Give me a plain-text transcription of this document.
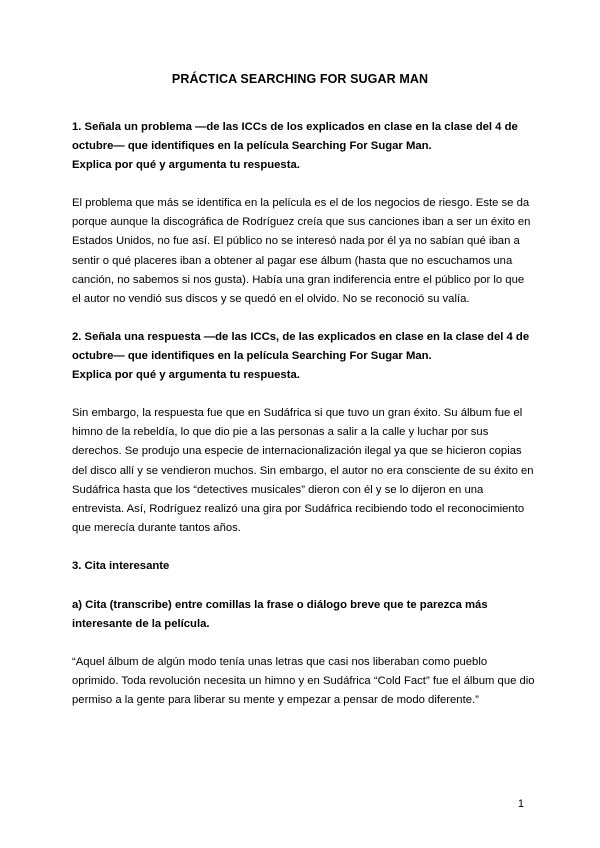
PRÁCTICA SEARCHING FOR SUGAR MAN
1. Señala un problema —de las ICCs de los explicados en clase en la clase del 4 de
octubre— que identifiques en la película Searching For Sugar Man.
Explica por qué y argumenta tu respuesta.
El problema que más se identifica en la película es el de los negocios de riesgo. Este se da
porque aunque la discográfica de Rodríguez creía que sus canciones iban a ser un éxito en
Estados Unidos, no fue así. El público no se interesó nada por él ya no sabían qué iban a
sentir o qué placeres iban a obtener al pagar ese álbum (hasta que no escuchamos una
canción, no sabemos si nos gusta). Había una gran indiferencia entre el público por lo que
el autor no vendió sus discos y se quedó en el olvido. No se reconoció su valía.
2. Señala una respuesta —de las ICCs, de las explicados en clase en la clase del 4 de
octubre— que identifiques en la película Searching For Sugar Man.
Explica por qué y argumenta tu respuesta.
Sin embargo, la respuesta fue que en Sudáfrica si que tuvo un gran éxito. Su álbum fue el
himno de la rebeldía, lo que dio pie a las personas a salir a la calle y luchar por sus
derechos. Se produjo una especie de internacionalización ilegal ya que se hicieron copias
del disco allí y se vendieron muchos. Sin embargo, el autor no era consciente de su éxito en
Sudáfrica hasta que los “detectives musicales” dieron con él y se lo dijeron en una
entrevista. Así, Rodríguez realizó una gira por Sudáfrica recibiendo todo el reconocimiento
que merecía durante tantos años.
3. Cita interesante
a) Cita (transcribe) entre comillas la frase o diálogo breve que te parezca más
interesante de la película.
“Aquel álbum de algún modo tenía unas letras que casi nos liberaban como pueblo
oprimido. Toda revolución necesita un himno y en Sudáfrica “Cold Fact” fue el álbum que dio
permiso a la gente para liberar su mente y empezar a pensar de modo diferente.”
1
